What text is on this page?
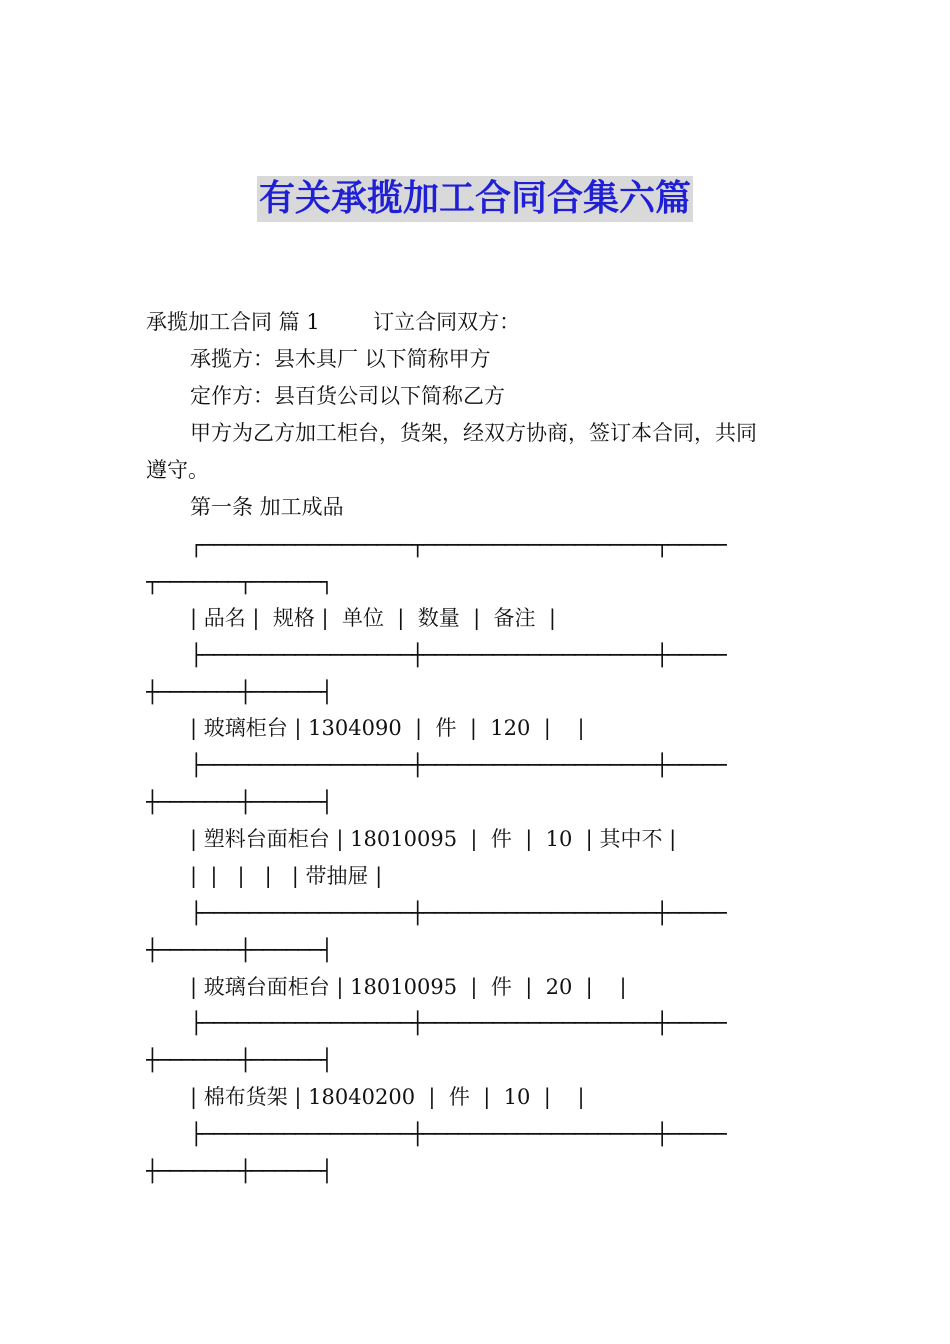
有关承揽加工合同合集六篇
承揽加工合同 篇 1        订立合同双方：
承揽方：县木具厂 以下简称甲方
定作方：县百货公司以下简称乙方
甲方为乙方加工柜台，货架，经双方协商，签订本合同，共同
遵守。
第一条 加工成品
┌──────────────────┬────────────────────┬─────
┬───────┬──────┐
| 品名 |  规格 |  单位  |  数量  |  备注  |
├──────────────────┼────────────────────┼─────
┼───────┼──────┤
| 玻璃柜台 | 1304090  |  件  |  120  |    |
├──────────────────┼────────────────────┼─────
┼───────┼──────┤
| 塑料台面柜台 | 18010095  |  件  |  10  | 其中不 |
|  |   |   |   | 带抽屉 |
├──────────────────┼────────────────────┼─────
┼───────┼──────┤
| 玻璃台面柜台 | 18010095  |  件  |  20  |    |
├──────────────────┼────────────────────┼─────
┼───────┼──────┤
| 棉布货架 | 18040200  |  件  |  10  |    |
├──────────────────┼────────────────────┼─────
┼───────┼──────┤
